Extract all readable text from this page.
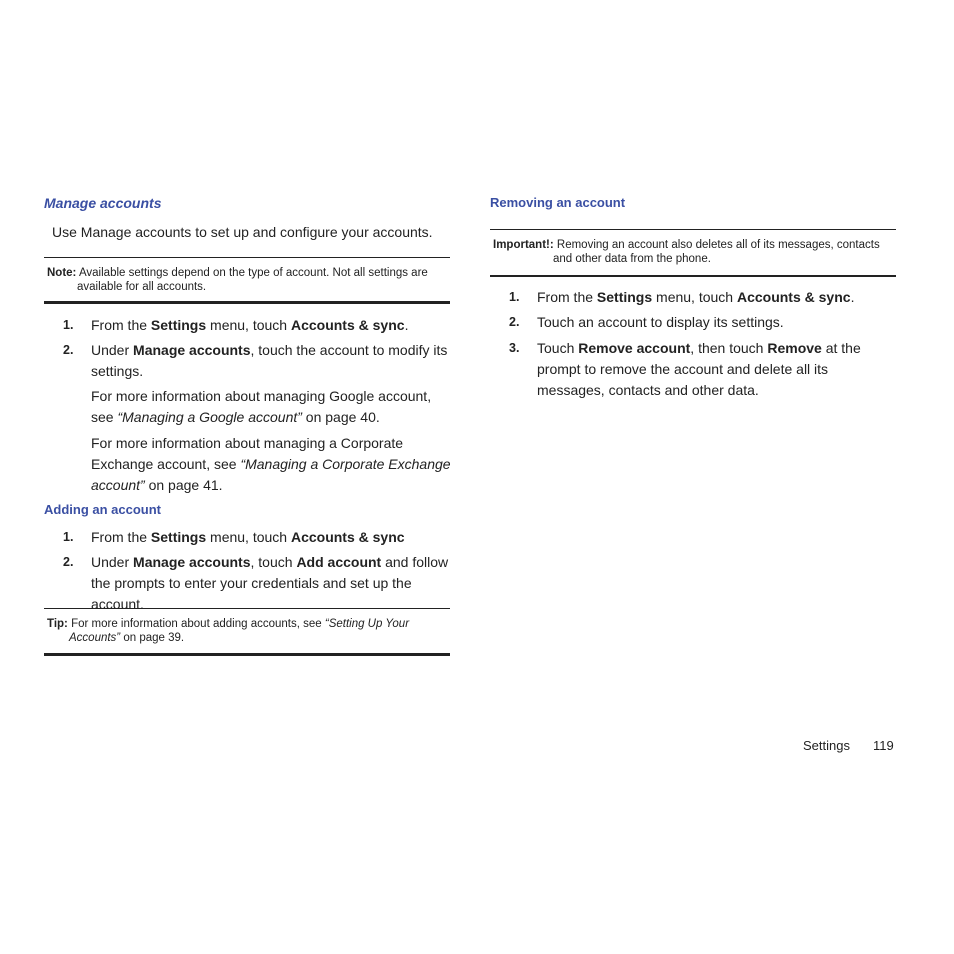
Manage accounts
Use Manage accounts to set up and configure your accounts.
Note: Available settings depend on the type of account. Not all settings are
available for all accounts.
1. From the Settings menu, touch Accounts & sync.
2. Under Manage accounts, touch the account to modify its settings.
For more information about managing Google account, see “Managing a Google account” on page 40.
For more information about managing a Corporate Exchange account, see “Managing a Corporate Exchange account” on page 41.
Adding an account
1. From the Settings menu, touch Accounts & sync
2. Under Manage accounts, touch Add account and follow the prompts to enter your credentials and set up the account.
Tip: For more information about adding accounts, see “Setting Up Your
Accounts” on page 39.
Removing an account
Important!: Removing an account also deletes all of its messages, contacts
and other data from the phone.
1. From the Settings menu, touch Accounts & sync.
2. Touch an account to display its settings.
3. Touch Remove account, then touch Remove at the prompt to remove the account and delete all its messages, contacts and other data.
Settings 119
